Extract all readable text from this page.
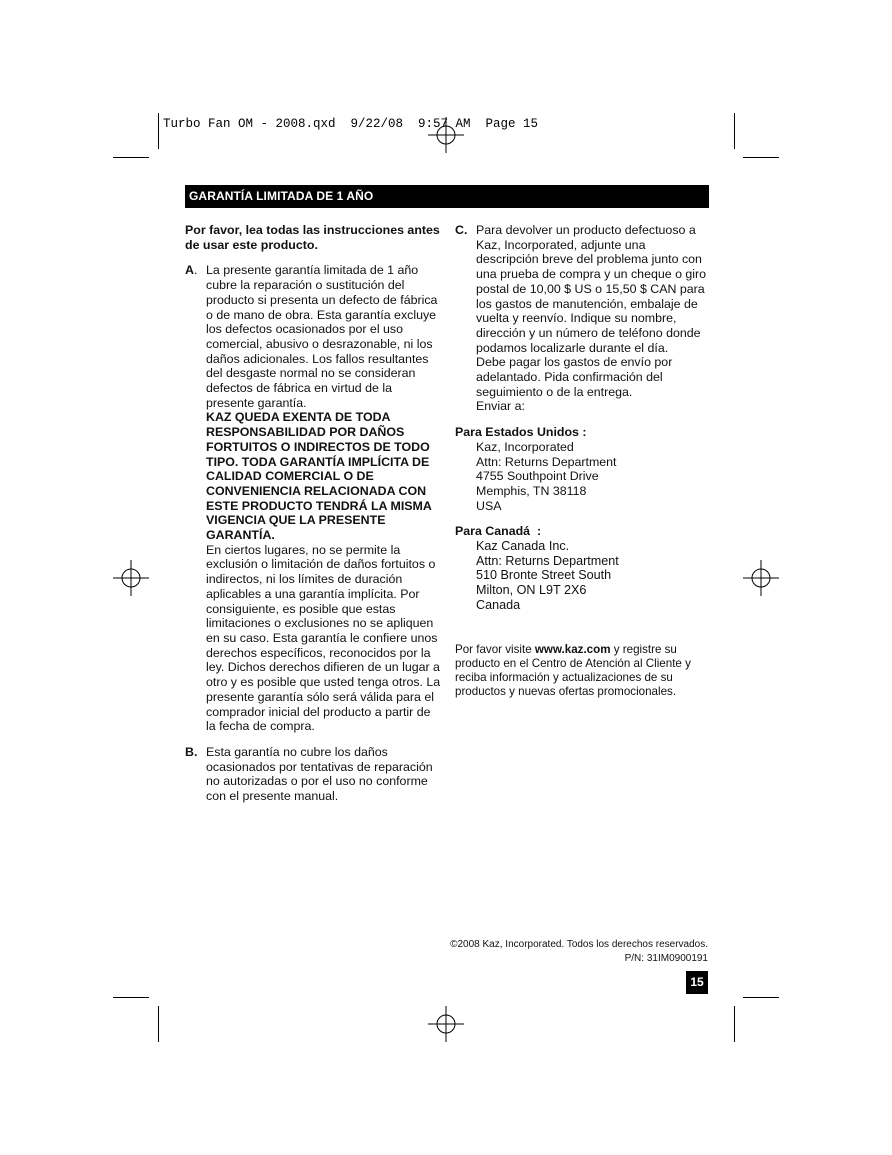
Turbo Fan OM - 2008.qxd  9/22/08  9:57 AM  Page 15
GARANTÍA LIMITADA DE 1 AÑO

Por favor, lea todas las instrucciones antes de usar este producto.

A. La presente garantía limitada de 1 año cubre la reparación o sustitución del producto si presenta un defecto de fábrica o de mano de obra. Esta garantía excluye los defectos ocasionados por el uso comercial, abusivo o desrazonable, ni los daños adicionales. Los fallos resultantes del desgaste normal no se consideran defectos de fábrica en virtud de la presente garantía.

KAZ QUEDA EXENTA DE TODA RESPONSABILIDAD POR DAÑOS FORTUITOS O INDIRECTOS DE TODO TIPO. TODA GARANTÍA IMPLÍCITA DE CALIDAD COMERCIAL O DE CONVENIENCIA RELACIONADA CON ESTE PRODUCTO TENDRÁ LA MISMA VIGENCIA QUE LA PRESENTE GARANTÍA.

En ciertos lugares, no se permite la exclusión o limitación de daños fortuitos o indirectos, ni los límites de duración aplicables a una garantía implícita. Por consiguiente, es posible que estas limitaciones o exclusiones no se apliquen en su caso. Esta garantía le confiere unos derechos específicos, reconocidos por la ley. Dichos derechos difieren de un lugar a otro y es posible que usted tenga otros. La presente garantía sólo será válida para el comprador inicial del producto a partir de la fecha de compra.

B. Esta garantía no cubre los daños ocasionados por tentativas de reparación no autorizadas o por el uso no conforme con el presente manual.

C. Para devolver un producto defectuoso a Kaz, Incorporated, adjunte una descripción breve del problema junto con una prueba de compra y un cheque o giro postal de 10,00 $ US o 15,50 $ CAN para los gastos de manutención, embalaje de vuelta y reenvío. Indique su nombre, dirección y un número de teléfono donde podamos localizarle durante el día.

Debe pagar los gastos de envío por adelantado. Pida confirmación del seguimiento o de la entrega.

Enviar a:

Para Estados Unidos :
Kaz, Incorporated
Attn: Returns Department
4755 Southpoint Drive
Memphis, TN 38118
USA
Para Canadá  :
Kaz Canada Inc.
Attn: Returns Department
510 Bronte Street South
Milton, ON L9T 2X6
Canada

Por favor visite www.kaz.com y registre su producto en el Centro de Atención al Cliente y reciba información y actualizaciones de su productos y nuevas ofertas promocionales.

©2008 Kaz, Incorporated. Todos los derechos reservados.
P/N: 31IM0900191
15
